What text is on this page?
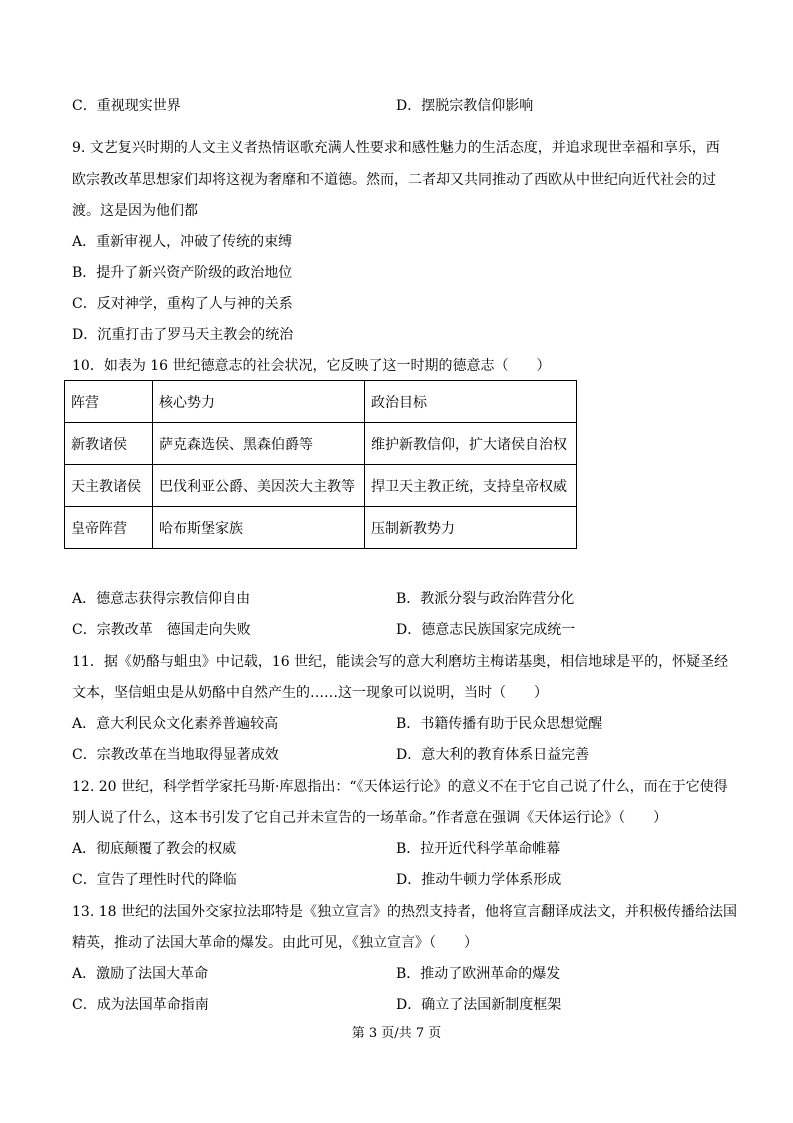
C．重视现实世界	D．摆脱宗教信仰影响
9. 文艺复兴时期的人文主义者热情讴歌充满人性要求和感性魅力的生活态度，并追求现世幸福和享乐，西
欧宗教改革思想家们却将这视为奢靡和不道德。然而，二者却又共同推动了西欧从中世纪向近代社会的过
渡。这是因为他们都
A．重新审视人，冲破了传统的束缚
B．提升了新兴资产阶级的政治地位
C．反对神学，重构了人与神的关系
D．沉重打击了罗马天主教会的统治
10．如表为 16 世纪德意志的社会状况，它反映了这一时期的德意志（　　）
阵营	核心势力	政治目标
新教诸侯	萨克森选侯、黑森伯爵等	维护新教信仰，扩大诸侯自治权
天主教诸侯	巴伐利亚公爵、美因茨大主教等	捍卫天主教正统，支持皇帝权威
皇帝阵营	哈布斯堡家族	压制新教势力
A．德意志获得宗教信仰自由	B．教派分裂与政治阵营分化
C．宗教改革　德国走向失败	D．德意志民族国家完成统一
11．据《奶酪与蛆虫》中记载，16 世纪，能读会写的意大利磨坊主梅诺基奥，相信地球是平的，怀疑圣经
文本，坚信蛆虫是从奶酪中自然产生的……这一现象可以说明，当时（　　）
A．意大利民众文化素养普遍较高	B．书籍传播有助于民众思想觉醒
C．宗教改革在当地取得显著成效	D．意大利的教育体系日益完善
12. 20 世纪，科学哲学家托马斯·库恩指出：“《天体运行论》的意义不在于它自己说了什么，而在于它使得
别人说了什么，这本书引发了它自己并未宣告的一场革命。”作者意在强调《天体运行论》（　　）
A．彻底颠覆了教会的权威	B．拉开近代科学革命帷幕
C．宣告了理性时代的降临	D．推动牛顿力学体系形成
13. 18 世纪的法国外交家拉法耶特是《独立宣言》的热烈支持者，他将宣言翻译成法文，并积极传播给法国
精英，推动了法国大革命的爆发。由此可见，《独立宣言》（　　）
A．激励了法国大革命	B．推动了欧洲革命的爆发
C．成为法国革命指南	D．确立了法国新制度框架
第 3 页/共 7 页
